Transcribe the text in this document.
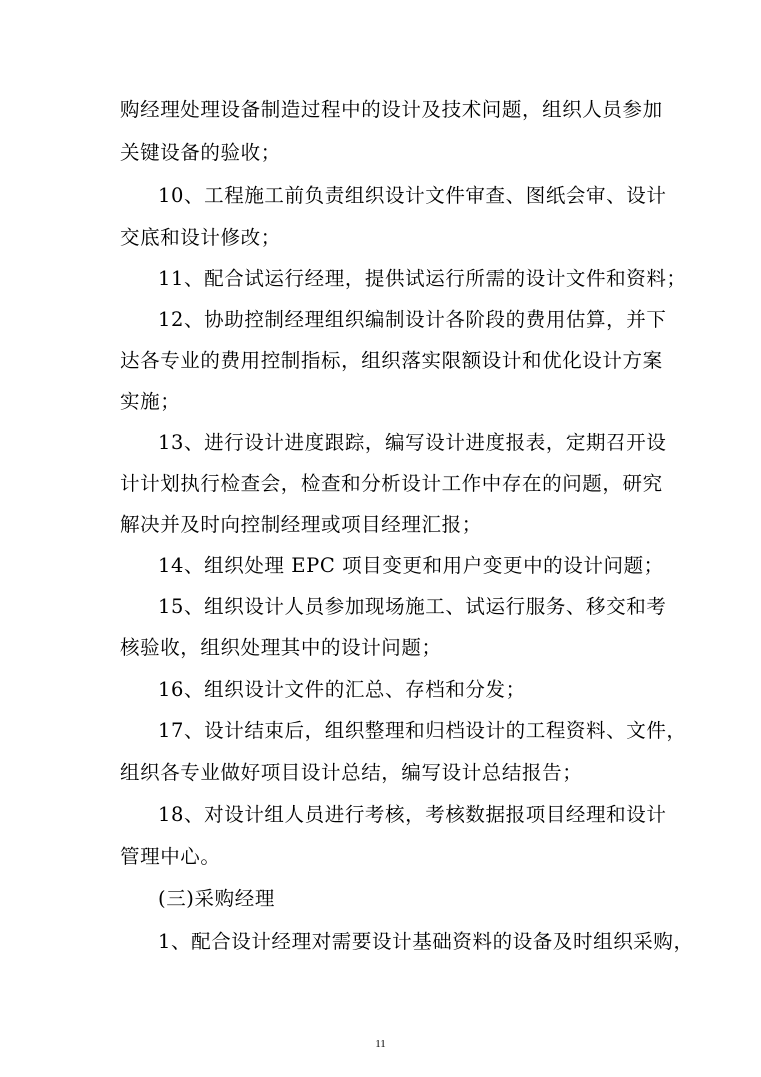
购经理处理设备制造过程中的设计及技术问题，组织人员参加
关键设备的验收；
10、工程施工前负责组织设计文件审查、图纸会审、设计
交底和设计修改；
11、配合试运行经理，提供试运行所需的设计文件和资料；
12、协助控制经理组织编制设计各阶段的费用估算，并下
达各专业的费用控制指标，组织落实限额设计和优化设计方案
实施；
13、进行设计进度跟踪，编写设计进度报表，定期召开设
计计划执行检查会，检查和分析设计工作中存在的问题，研究
解决并及时向控制经理或项目经理汇报；
14、组织处理 EPC 项目变更和用户变更中的设计问题；
15、组织设计人员参加现场施工、试运行服务、移交和考
核验收，组织处理其中的设计问题；
16、组织设计文件的汇总、存档和分发；
17、设计结束后，组织整理和归档设计的工程资料、文件，
组织各专业做好项目设计总结，编写设计总结报告；
18、对设计组人员进行考核，考核数据报项目经理和设计
管理中心。
(三)采购经理
1、配合设计经理对需要设计基础资料的设备及时组织采购，
11
